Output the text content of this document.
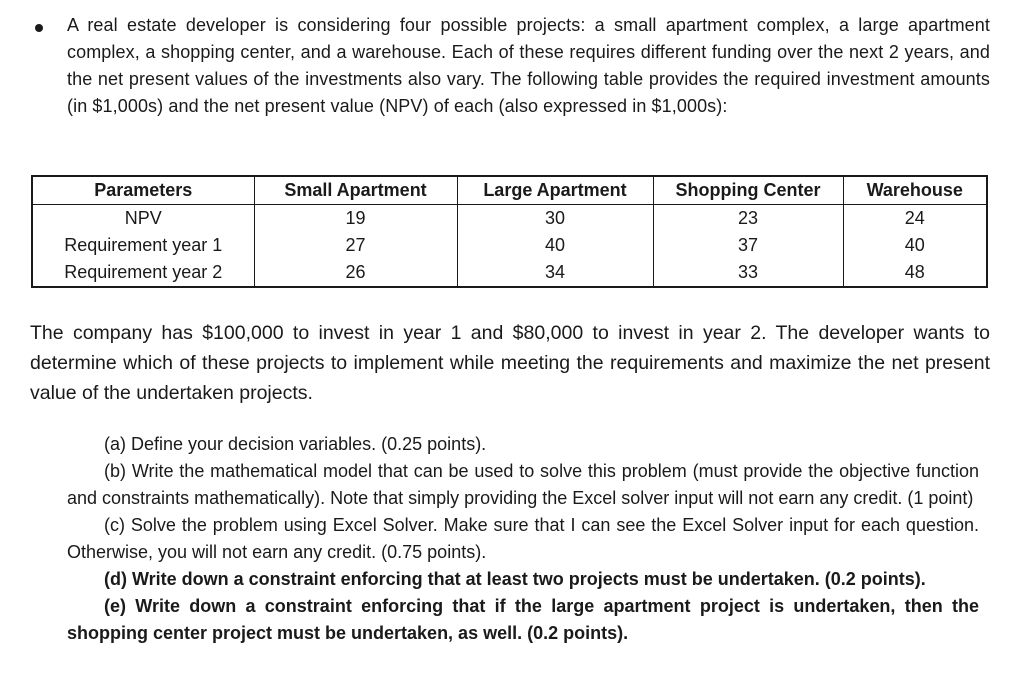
A real estate developer is considering four possible projects: a small apartment complex, a large apartment complex, a shopping center, and a warehouse. Each of these requires different funding over the next 2 years, and the net present values of the investments also vary. The following table provides the required investment amounts (in $1,000s) and the net present value (NPV) of each (also expressed in $1,000s):
Parameters	Small Apartment	Large Apartment	Shopping Center	Warehouse
NPV	19	30	23	24
Requirement year 1	27	40	37	40
Requirement year 2	26	34	33	48
The company has $100,000 to invest in year 1 and $80,000 to invest in year 2. The developer wants to determine which of these projects to implement while meeting the requirements and maximize the net present value of the undertaken projects.

(a) Define your decision variables. (0.25 points).

(b) Write the mathematical model that can be used to solve this problem (must provide the objective function and constraints mathematically). Note that simply providing the Excel solver input will not earn any credit. (1 point)

(c) Solve the problem using Excel Solver. Make sure that I can see the Excel Solver input for each question. Otherwise, you will not earn any credit. (0.75 points).

(d) Write down a constraint enforcing that at least two projects must be undertaken. (0.2 points).

(e) Write down a constraint enforcing that if the large apartment project is undertaken, then the shopping center project must be undertaken, as well. (0.2 points).
